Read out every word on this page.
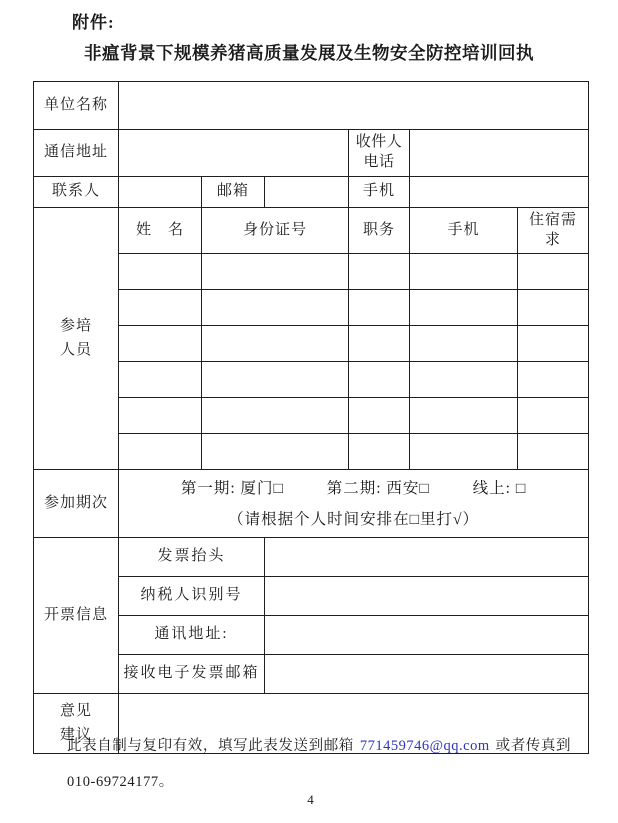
附件:
非瘟背景下规模养猪高质量发展及生物安全防控培训回执
单位名称						
通信地址				收件人电话		
联系人		邮箱		手机		
参培人员	姓　名	身份证号		职务	手机	住宿需求

参加期次	第一期: 厦门□ 第二期: 西安□ 线上: □
（请根据个人时间安排在□里打√）					

开票信息	发票抬头					
	纳税人识别号					
	通讯地址:					
	接收电子发票邮箱					
意见建议						
此表自制与复印有效，填写此表发送到邮箱 771459746@qq.com 或者传真到
010-69724177。
4
